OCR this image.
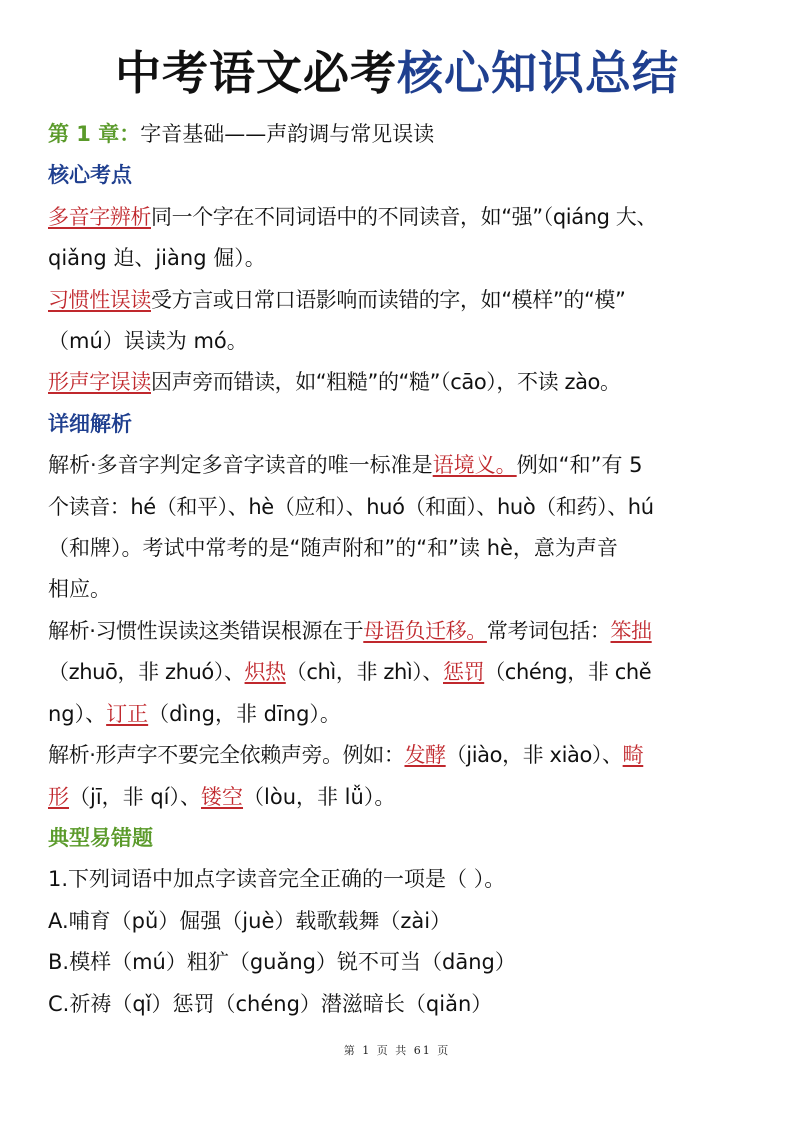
中考语文必考核心知识总结
第 1 章：字音基础——声韵调与常见误读
核心考点
多音字辨析同一个字在不同词语中的不同读音，如“强”（qiáng 大、
qiǎng 迫、jiàng 倔）。
习惯性误读受方言或日常口语影响而读错的字，如“模样”的“模”
（mú）误读为 mó。
形声字误读因声旁而错读，如“粗糙”的“糙”（cāo），不读 zào。
详细解析
解析·多音字判定多音字读音的唯一标准是语境义。例如“和”有 5
个读音：hé（和平）、hè（应和）、huó（和面）、huò（和药）、hú
（和牌）。考试中常考的是“随声附和”的“和”读 hè，意为声音
相应。
解析·习惯性误读这类错误根源在于母语负迁移。常考词包括：笨拙
（zhuō，非 zhuó）、炽热（chì，非 zhì）、惩罚（chéng，非 chě
ng）、订正（dìng，非 dīng）。
解析·形声字不要完全依赖声旁。例如：发酵（jiào，非 xiào）、畸
形（jī，非 qí）、镂空（lòu，非 lǚ）。
典型易错题
1.下列词语中加点字读音完全正确的一项是（ ）。
A.哺育（pǔ）倔强（juè）载歌载舞（zài）
B.模样（mú）粗犷（guǎng）锐不可当（dāng）
C.祈祷（qǐ）惩罚（chéng）潜滋暗长（qiǎn）
第 1 页 共 61 页
